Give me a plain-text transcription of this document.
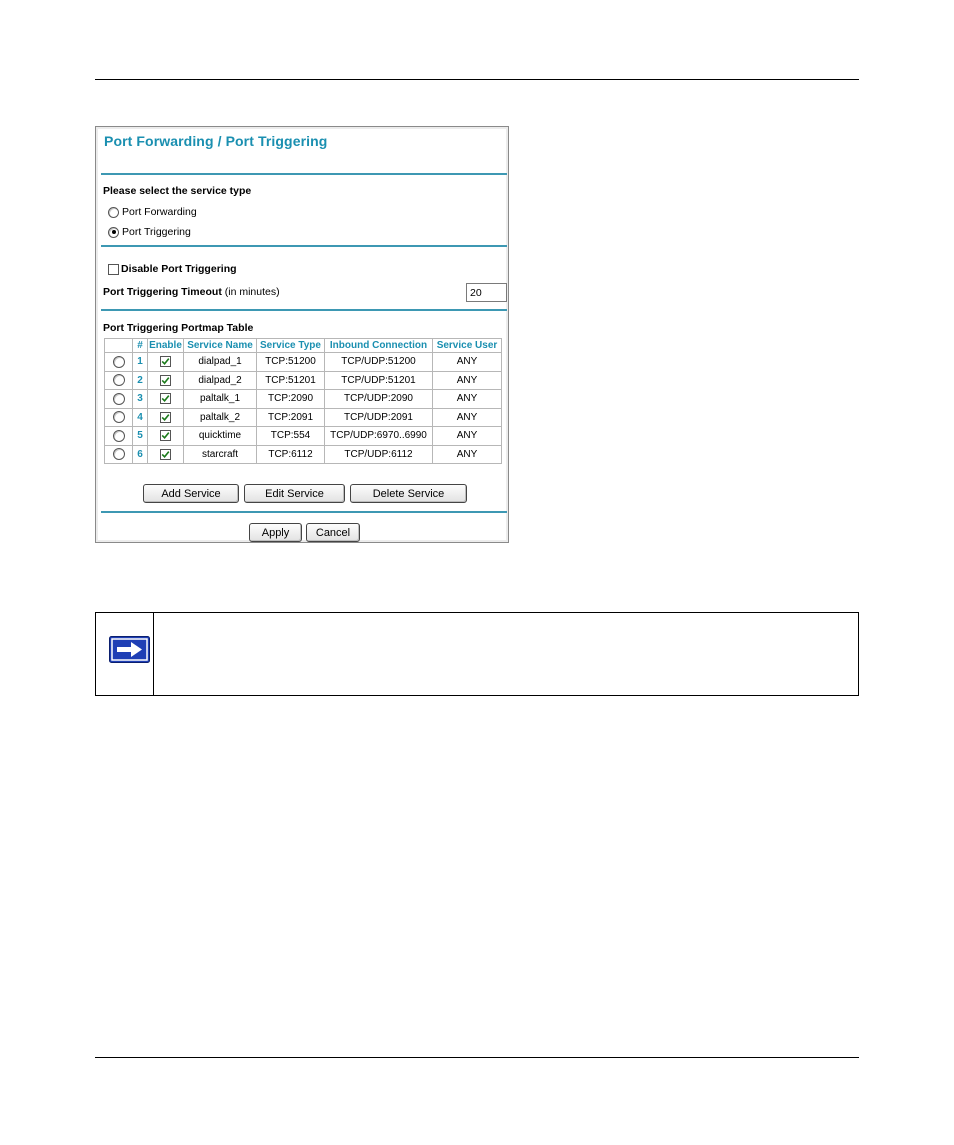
Port Forwarding / Port Triggering
Please select the service type
Port Forwarding
Port Triggering
Disable Port Triggering
Port Triggering Timeout (in minutes)
20
Port Triggering Portmap Table
	#	Enable	Service Name	Service Type	Inbound Connection	Service User
	1		dialpad_1	TCP:51200	TCP/UDP:51200	ANY
	2		dialpad_2	TCP:51201	TCP/UDP:51201	ANY
	3		paltalk_1	TCP:2090	TCP/UDP:2090	ANY
	4		paltalk_2	TCP:2091	TCP/UDP:2091	ANY
	5		quicktime	TCP:554	TCP/UDP:6970..6990	ANY
	6		starcraft	TCP:6112	TCP/UDP:6112	ANY
Add Service	Edit Service	Delete Service
Apply	Cancel
